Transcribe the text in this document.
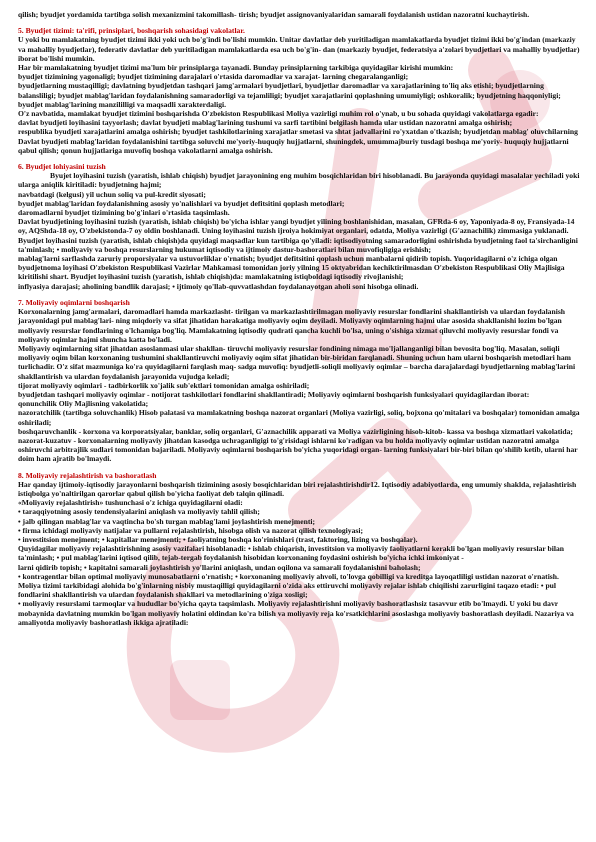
qilish; byudjet yordamida tartibga solish mexanizmini takomillash- tirish; byudjet assignovaniyalaridan samarali foydalanish ustidan nazoratni kuchaytirish.

5. Byudjet tizimi: ta'rifi, prinsiplari, boshqarish sohasidagi vakolatlar.

U yoki bu mamlakatning byudjet tizimi ikki yoki uch bo'g'indi bo'lishi mumkin. Unitar davlatlar deb yuritiladigan mamlakatlarda byudjet tizimi ikki bo'g'indan (markaziy va mahalliy byudjetlar), federativ davlatlar deb yuritiladigan mamlakatlarda esa uch bo'g'in- dan (markaziy byudjet, federatsiya a'zolari byudjetlari va mahalliy byudjetlar) iborat bo'lishi mumkin.

Har bir mamlakatning byudjet tizimi ma'lum bir prinsiplarga tayanadi. Bunday prinsiplarning tarkibiga quyidagilar kirishi mumkin:

byudjet tizimining yagonaligi; byudjet tizimining darajalari o'rtasida daromadlar va xarajat- larning chegaralanganligi;

byudjetlarning mustaqilligi; davlatning byudjetdan tashqari jamg'armalari byudjetlari, byudjetlar daromadlar va xarajatlarining to'liq aks etishi; byudjetlarning balansliligi; byudjet mablag'laridan foydalanishning samaradorligi va tejamliligi; byudjet xarajatlarini qoplashning umumiyligi; oshkoralik; byudjetning haqqoniyligi;

byudjet mablag'larining manzililligi va maqsadli xarakterdaligi.

O'z navbatida, mamlakat byudjet tizimini boshqarishda O'zbekiston Respublikasi Moliya vazirligi muhim rol o'ynab, u bu sohada quyidagi vakolatlarga egadir:

davlat byudjeti loyihasini tayyorlash; davlat byudjeti mablag'larining tushumi va sarfi tartibini belgilash hamda ular ustidan nazoratni amalga oshirish;

respublika byudjeti xarajatlarini amalga oshirish; byudjet tashkilotlarining xarajatlar smetasi va shtat jadvallarini ro'yxatdan o'tkazish; byudjetdan mablag' oluvchilarning Davlat byudjeti mablag'laridan foydalanishini tartibga soluvchi me'yoriy-huquqiy hujjatlarni, shuningdek, umummajburiy tusdagi boshqa me'yoriy- huquqiy hujjatlarni qabul qilish; qonun hujjatlariga muvofiq boshqa vakolatlarni amalga oshirish.

6. Byudjet lohiyasini tuzish

Byujet loyihasini tuzish (yaratish, ishlab chiqish) byudjet jarayonining eng muhim bosqichlaridan biri hisoblanadi. Bu jarayonda quyidagi masalalar yechiladi yoki ularga aniqlik kiritiladi: byudjetning hajmi;

navbatdagi (kelgusi) yil uchun soliq va pul-kredit siyosati;

byudjet mablag'laridan foydalanishning asosiy yo'nalishlari va byudjet defitsitini qoplash metodlari;

daromadlarni byudjet tizimining bo'g'inlari o'rtasida taqsimlash.

Davlat byudjetining loyihasini tuzish (yaratish, ishlab chiqish) bo'yicha ishlar yangi byudjet yilining boshlanishidan, masalan, GFRda-6 oy, Yaponiyada-8 oy, Fransiyada-14 oy, AQShda-18 oy, O'zbekistonda-7 oy oldin boshlanadi. Uning loyihasini tuzish ijroiya hokimiyat organlari, odatda, Moliya vazirligi (G'aznachilik) zimmasiga yuklanadi.

Byudjet loyihasini tuzish (yaratish, ishlab chiqish)da quyidagi maqsadlar kun tartibiga qo'yiladi: iqtisodiyotning samaradorligini oshirishda byudjetning faol ta'sirchanligini ta'minlash; • moliyaviy va boshqa resurslarning hukumat iqtisodiy va ijtimoiy dastur-bashoratlari bilan muvofiqligiga erishish;

mablag'larni sarflashda zaruriy proporsiyalar va ustuvorliklar o'rnatish; byudjet defitsitini qoplash uchun manbalarni qidirib topish. Yuqoridagilarni o'z ichiga olgan byudjetnoma loyihasi O'zbekiston Respublikasi Vazirlar Mahkamasi tomonidan joriy yilning 15 oktyabridan kechiktirilmasdan O'zbekiston Respublikasi Oliy Majlisiga kiritilishi shart. Byudjet loyihasini tuzish (yaratish, ishlab chiqish)da: mamlakatning istiqboldagi iqtisodiy rivojlanishi;

inflyasiya darajasi; aholining bandlik darajasi; • ijtimoiy qo'llab-quvvatlashdan foydalanayotgan aholi soni hisobga olinadi.

7. Moliyaviy oqimlarni boshqarish

Korxonalarning jamg'armalari, daromadlari hamda markazlasht- tirilgan va markazlashtirilmagan moliyaviy resurslar fondlarini shakllantirish va ulardan foydalanish jarayonidagi pul mablag'lari- ning miqdoriy va sifat jihatidan harakatiga moliyaviy oqim deyiladi. Moliyaviy oqimlarning hajmi ular asosida shakllanishi lozim bo'lgan moliyaviy resurslar fondlarining o'lchamiga bog'liq. Mamlakatning iqtisodiy qudrati qancha kuchli bo'lsa, uning o'sishiga xizmat qiluvchi moliyaviy resurslar fondi va moliyaviy oqimlar hajmi shuncha katta bo'ladi.

Moliyaviy oqimlarning sifat jihatdan asoslanmasi ular shakllan- tiruvchi moliyaviy resurslar fondining nimaga mo'ljallanganligi bilan bevosita bog'liq. Masalan, soliqli moliyaviy oqim bilan korxonaning tushumini shakllantiruvchi moliyaviy oqim sifat jihatidan bir-biridan farqlanadi. Shuning uchun ham ularni boshqarish metodlari ham turlichadir. O'z sifat mazmuniga ko'ra quyidagilarni farqlash maq- sadga muvofiq: byudjetli-soliqli moliyaviy oqimlar – barcha darajalardagi byudjetlarning mablag'larini shakllantirish va ulardan foydalanish jarayonida vujudga keladi;

tijorat moliyaviy oqimlari - tadbirkorlik xo'jalik sub'ektlari tomonidan amalga oshiriladi;

byudjetdan tashqari moliyaviy oqimlar - notijorat tashkilotlari fondlarini shakllantiradi; Moliyaviy oqimlarni boshqarish funksiyalari quyidagilardan iborat:

qonunchilik Oliy Majlisning vakolatida;

nazoratchilik (tartibga soluvchanlik) Hisob palatasi va mamlakatning boshqa nazorat organlari (Moliya vazirligi, soliq, bojxona qo'mitalari va boshqalar) tomonidan amalga oshiriladi;

boshqaruvchanlik - korxona va korporatsiyalar, banklar, soliq organlari, G'aznachilik apparati va Moliya vazirligining hisob-kitob- kassa va boshqa xizmatlari vakolatida;

nazorat-kuzatuv - korxonalarning moliyaviy jihatdan kasodga uchraganligigi to'g'risidagi ishlarni ko'radigan va bu holda moliyaviy oqimlar ustidan nazoratni amalga oshiruvchi arbitrajlik sudlari tomonidan bajariladi. Moliyaviy oqimlarni boshqarish bo'yicha yuqoridagi organ- larning funksiyalari bir-biri bilan qo'shilib ketib, ularni har doim ham ajratib bo'lmaydi.

8. Moliyaviy rejalashtirish va bashoratlash

Har qanday ijtimoiy-iqtisodiy jarayonlarni boshqarish tizimining asosiy bosqichlaridan biri rejalashtirishdir12. Iqtisodiy adabiyotlarda, eng umumiy shaklda, rejalashtirish istiqbolga yo'naltirilgan qarorlar qabul qilish bo'yicha faoliyat deb talqin qilinadi.

«Moliyaviy rejalashtirish» tushunchasi o'z ichiga quyidagilarni oladi:

• taraqqiyotning asosiy tendensiyalarini aniqlash va moliyaviy tahlil qilish;

• jalb qilingan mablag'lar va vaqtincha bo'sh turgan mablag'lami joylashtirish menejmenti;

• firma ichidagi moliyaviy natijalar va pullarni rejalashtirish, hisobga olish va nazorat qilish texnologiyasi;

• investitsion menejment; • kapitallar menejmenti; • faoliyatning boshqa ko'rinishlari (trast, faktoring, lizing va boshqalar).

Quyidagilar moliyaviy rejalashtirishning asosiy vazifalari hisoblanadi: • ishlab chiqarish, investitsion va moliyaviy faoliyatlarni kerakli bo'lgan moliyaviy resurslar bilan ta'minlash; • pul mablag'larini iqtisod qilib, tejab-tergab foydalanish hisobidan korxonaning foydasini oshirish bo'yicha ichki imkoniyat -

larni qidirib topish; • kapitalni samarali joylashtirish yo'llarini aniqlash, undan oqilona va samarali foydalanishni baholash;

• kontragentlar bilan optimal moliyaviy munosabatlarni o'rnatish; • korxonaning moliyaviy ahvoli, to'lovga qobilligi va kreditga layoqatliligi ustidan nazorat o'rnatish. Moliya tizimi tarkibidagi alohida bo'g'inlarning nisbiy mustaqilligi quyidagilarni o'zida aks ettiruvchi moliyaviy rejalar ishlab chiqilishi zarurligini taqazo etadi: • pul fondlarini shakllantirish va ulardan foydalanish shakllari va metodlarining o'ziga xosligi;

• moliyaviy resurslami tarmoqlar va hududlar bo'yicha qayta taqsimlash. Moliyaviy rejalashtirishni moliyaviy bashoratlashsiz tasavvur etib bo'lmaydi. U yoki bu davr mobaynida davlatning mumkin bo'lgan moliyaviy holatini oldindan ko'ra bilish va moliyaviy reja ko'rsatkichlarini asoslashga moliyaviy bashoratlash deyiladi. Nazariya va amaliyotda moliyaviy bashoratlash ikkiga ajratiladi:
